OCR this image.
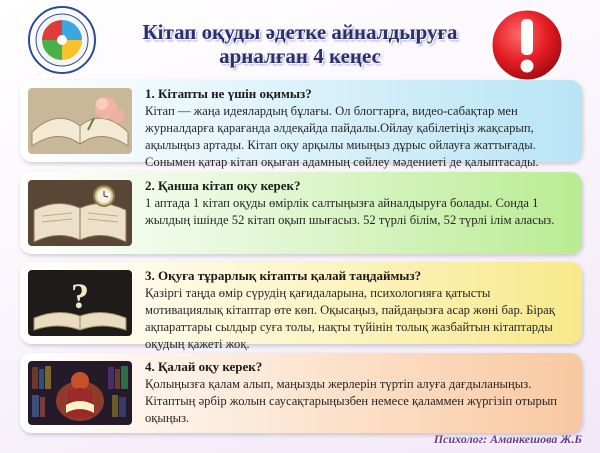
Кітап оқуды әдетке айналдыруға
арналған 4 кеңес

1. Кітапты не үшін оқимыз?

Кітап — жаңа идеялардың бұлағы. Ол блогтарға, видео-сабақтар мен журналдарға қарағанда әлдеқайда пайдалы.Ойлау қабілетіңіз жақсарып, ақылыңыз артады. Кітап оқу арқылы миыңыз дұрыс ойлауға жаттығады. Сонымен қатар кітап оқыған адамның сөйлеу мәдениеті де қалыптасады.

2. Қанша кітап оқу керек?

1 аптада 1 кітап оқуды өмірлік салтыңызға айналдыруға болады. Сонда 1 жылдың ішінде 52 кітап оқып шығасыз. 52 түрлі білім, 52 түрлі ілім аласыз.

?

3. Оқуға тұрарлық кітапты қалай таңдаймыз?

Қазіргі таңда өмір сүрудің қағидаларына, психологияға қатысты мотивациялық кітаптар өте көп. Оқысаңыз, пайдаңызға асар жөні бар. Бірақ ақпараттары сылдыр суға толы, нақты түйінін толық жазбайтын кітаптарды оқудың қажеті жоқ.

4. Қалай оқу керек?

Қолыңызға қалам алып, маңызды жерлерін түртіп алуға дағдыланыңыз. Кітаптың әрбір жолын саусақтарыңызбен немесе қаламмен жүргізіп отырып оқыңыз.

Психолог: Аманкешова Ж.Б
